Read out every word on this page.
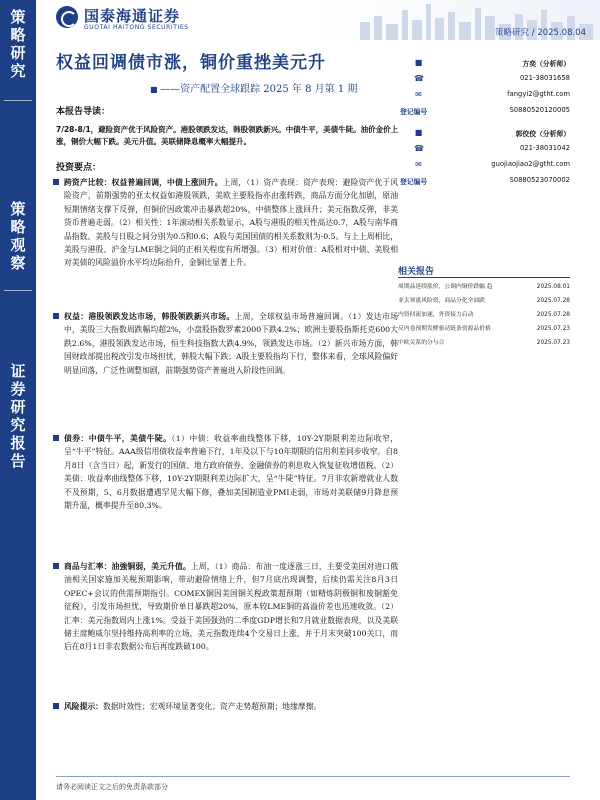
策
略
研
究
策
略
观
察
证
券
研
究
报
告
国泰海通证券
GUOTAI HAITONG SECURITIES
策略研究 / 2025.08.04
权益回调债市涨，铜价重挫美元升
■ ——资产配置全球跟踪 2025 年 8 月第 1 期
本报告导读：
7/28-8/1，避险资产优于风险资产。港股领跌发达，韩股领跌新兴。中债牛平，美债牛陡。油价金价上涨，铜价大幅下跌。美元升值。美联储降息概率大幅提升。
投资要点：
跨资产比较：权益普遍回调，中债上涨回升。上周，（1）资产表现：资产表现：避险资产优于风险资产，前期强势的亚太权益如港股领跌，美欧主要股指亦由涨转跌，商品方面分化加剧，原油短期情绪支撑下反弹，但铜价因政策冲击暴跌超20%，中债整体上涨回升；美元指数反弹，非美货币普遍走弱。（2）相关性：1年滚动相关系数显示，A股与港股的相关性高达0.7，A股与南华商品指数、美股与日股之间分别为0.5和0.6；A股与美国国债的相关系数则为-0.5。与上上周相比，美股与港股、沪金与LME铜之间的正相关程度有所增强。（3）相对价值：A股相对中债、美股相对美债的风险溢价水平均边际抬升，金铜比显著上升。
权益：港股领跌发达市场，韩股领跌新兴市场。上周，全球权益市场普遍回调。（1）发达市场中，美股三大指数周跌幅均超2%，小盘股指数罗素2000下跌4.2%；欧洲主要股指斯托克600大跌2.6%，港股领跌发达市场，恒生科技指数大跌4.9%，领跌发达市场。（2）新兴市场方面，韩国财政部提出税改引发市场担忧，韩股大幅下跌；A股主要股指均下行，整体来看，全球风险偏好明显回落，广泛性调整加剧，前期强势资产普遍进入阶段性回调。
债券：中债牛平，美债牛陡。（1）中债：收益率曲线整体下移，10Y-2Y期限利差边际收窄，呈“牛平”特征。AAA级信用债收益率普遍下行，1年及以下与10年期限的信用利差同步收窄。自8月8日（含当日）起，新发行的国债、地方政府债券、金融债券的利息收入恢复征收增值税。（2）美债：收益率曲线整体下移，10Y-2Y期限利差边际扩大，呈“牛陡”特征。7月非农新增就业人数不及预期，5、6月数据遭遇罕见大幅下修，叠加美国制造业PMI走弱，市场对美联储9月降息预期升温，概率提升至80.3%。
商品与汇率：油強铜弱，美元升值。上周，（1）商品：布油一度逐涨三日，主要受美国对进口俄油相关国家施加关税预期影响，带动避险情绪上升，但7月底出现调整，后续仍需关注8月3日OPEC+会议的供需预期指引。COMEX铜因美国铜关税政策超预期（如精炼阴极铜和废铜豁免征税），引发市场担忧，导致期价单日暴跌超20%，原本较LME铜的高溢价差也迅速收敛。（2）汇率：美元指数周内上涨1%。受益于美国强劲的二季度GDP增长和7月就业数据表现，以及美联储主席鲍威尔坚持维持高利率的立场，美元指数连续4个交易日上涨，并于月末突破100关口，而后在8月1日非农数据公布后再度跌破100。
风险提示：数据时效性；宏观环境显著变化；资产走势超预期；地缘摩擦。
■	方奕（分析师）
☎	021-38031658
✉	fangyi2@gtht.com
登记编号	S0880520120005
■	郭佼佼（分析师）
☎	021-38031042
✉	guojiaojiao2@gtht.com
登记编号	S0880523070002
相关报告
周期品延续涨价，公调内铜价跌幅 趋	2025.08.01
亚太领涨风险资，商品分化全油跌	2025.07.28
内资回流加速，外资接力启动	2025.07.28
反内卷预期发酵驱动链条资源品价格	2025.07.23
中欧关系的分与合	2025.07.23
请务必阅读正文之后的免责条款部分
